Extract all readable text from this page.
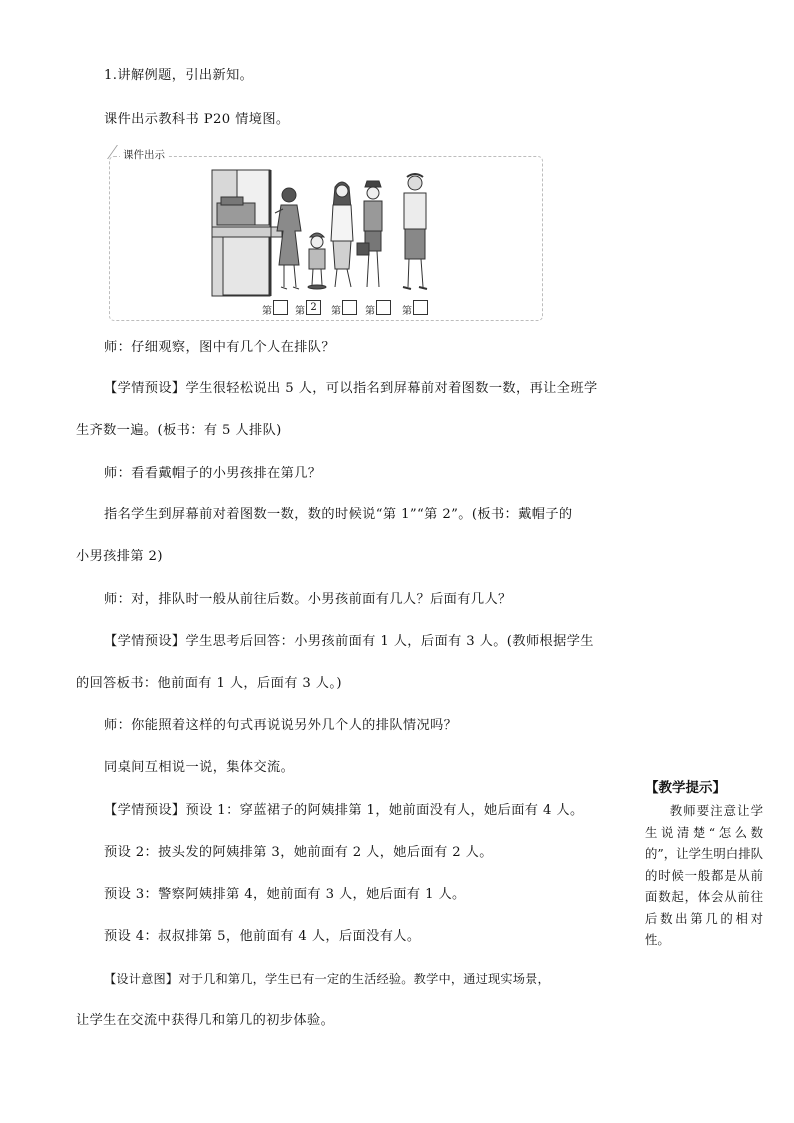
1.讲解例题，引出新知。
课件出示教科书 P20 情境图。
课件出示
第 第 2	第 第	第
师：仔细观察，图中有几个人在排队？
【学情预设】学生很轻松说出 5 人，可以指名到屏幕前对着图数一数，再让全班学
生齐数一遍。(板书：有 5 人排队)
师：看看戴帽子的小男孩排在第几？
指名学生到屏幕前对着图数一数，数的时候说“第 1”“第 2”。(板书：戴帽子的
小男孩排第 2)
师：对，排队时一般从前往后数。小男孩前面有几人？后面有几人？
【学情预设】学生思考后回答：小男孩前面有 1 人，后面有 3 人。(教师根据学生
的回答板书：他前面有 1 人，后面有 3 人。)
师：你能照着这样的句式再说说另外几个人的排队情况吗？
同桌间互相说一说，集体交流。
【学情预设】预设 1：穿蓝裙子的阿姨排第 1，她前面没有人，她后面有 4 人。
预设 2：披头发的阿姨排第 3，她前面有 2 人，她后面有 2 人。
预设 3：警察阿姨排第 4，她前面有 3 人，她后面有 1 人。
预设 4：叔叔排第 5，他前面有 4 人，后面没有人。
【设计意图】对于几和第几，学生已有一定的生活经验。教学中，通过现实场景，
让学生在交流中获得几和第几的初步体验。
【教学提示】
教师要注意让学生说清楚“怎么数的”，让学生明白排队的时候一般都是从前面数起，体会从前往后数出第几的相对性。
